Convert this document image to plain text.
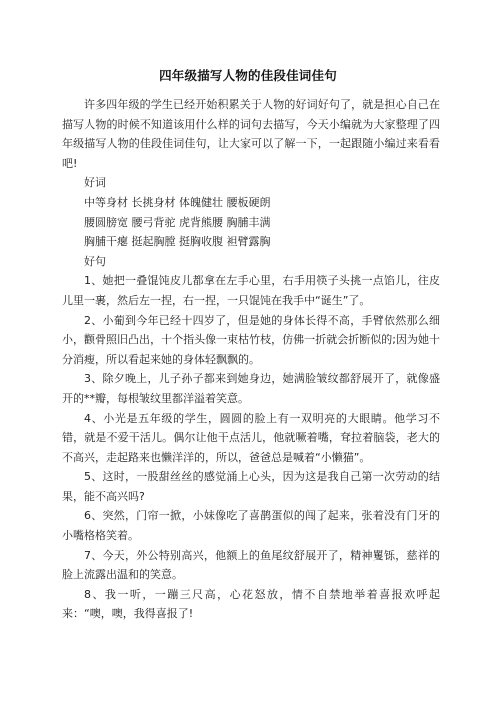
四年级描写人物的佳段佳词佳句

许多四年级的学生已经开始积累关于人物的好词好句了，就是担心自己在描写人物的时候不知道该用什么样的词句去描写，今天小编就为大家整理了四年级描写人物的佳段佳词佳句，让大家可以了解一下，一起跟随小编过来看看吧!

好词

中等身材 长挑身材 体魄健壮 腰板硬朗

腰圆膀宽 腰弓背驼 虎背熊腰 胸脯丰满

胸脯干瘪 挺起胸膛 挺胸收腹 袒臂露胸

好句

1、她把一叠馄饨皮儿都拿在左手心里，右手用筷子头挑一点馅儿，往皮儿里一裹，然后左一捏，右一捏，一只馄饨在我手中“诞生”了。

2、小葡到今年已经十四岁了，但是她的身体长得不高，手臂依然那么细小，颧骨照旧凸出，十个指头像一束枯竹枝，仿佛一折就会折断似的;因为她十分消瘦，所以看起来她的身体轻飘飘的。

3、除夕晚上，儿子孙子都来到她身边，她满脸皱纹都舒展开了，就像盛开的**瓣，每根皱纹里都洋溢着笑意。

4、小光是五年级的学生，圆圆的脸上有一双明亮的大眼睛。他学习不错，就是不爱干活儿。偶尔让他干点活儿，他就噘着嘴，耷拉着脑袋，老大的不高兴，走起路来也懒洋洋的，所以，爸爸总是喊着“小懒猫”。

5、这时，一股甜丝丝的感觉涌上心头，因为这是我自己第一次劳动的结果，能不高兴吗?

6、突然，门帘一掀，小妹像吃了喜鹊蛋似的闯了起来，张着没有门牙的小嘴格格笑着。

7、今天，外公特别高兴，他额上的鱼尾纹舒展开了，精神矍铄，慈祥的脸上流露出温和的笑意。

8、我一听，一蹦三尺高，心花怒放，情不自禁地举着喜报欢呼起来：“噢，噢，我得喜报了!
